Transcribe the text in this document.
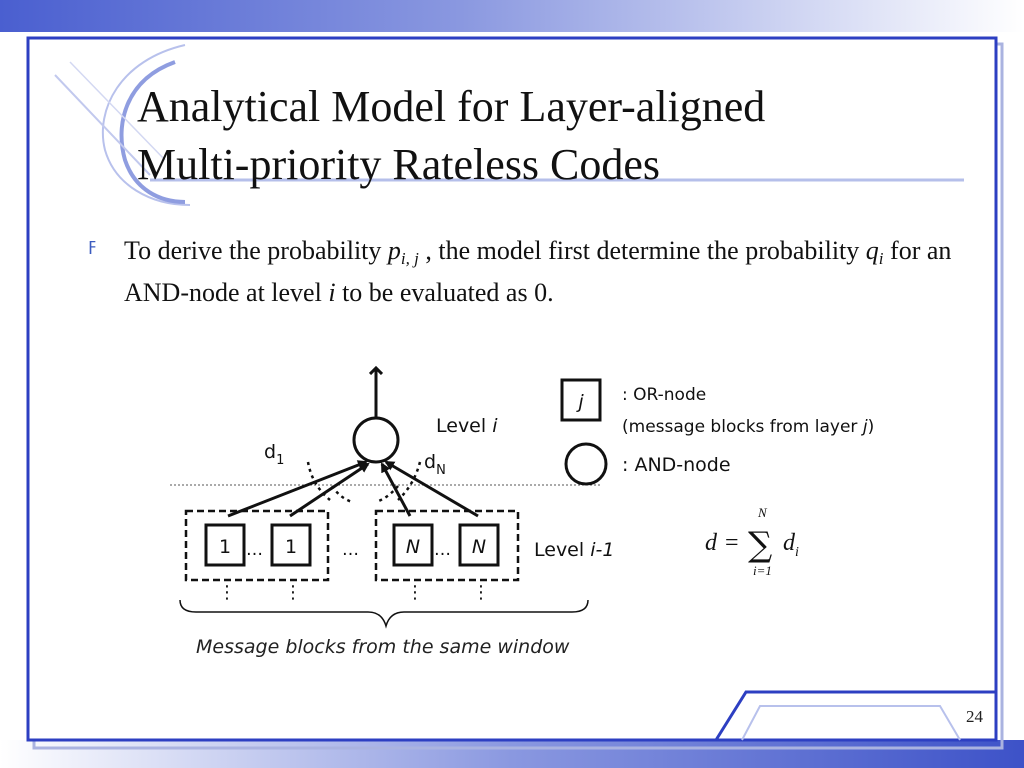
Analytical Model for Layer-aligned
Multi-priority Rateless Codes
ߓ To derive the probability $p_{i, j}$ , the model first determine the probability $q_i$ for an AND-node at level i to be evaluated as 0.
$d_1$	$d_N$
Level i
1	1	N	N
…	…	…
⋮	⋮	⋮	⋮
Level i-1
Message blocks from the same window
j : OR-node
(message blocks from layer j)
: AND-node
d = ∑
N
i=1
$d_i$
24
